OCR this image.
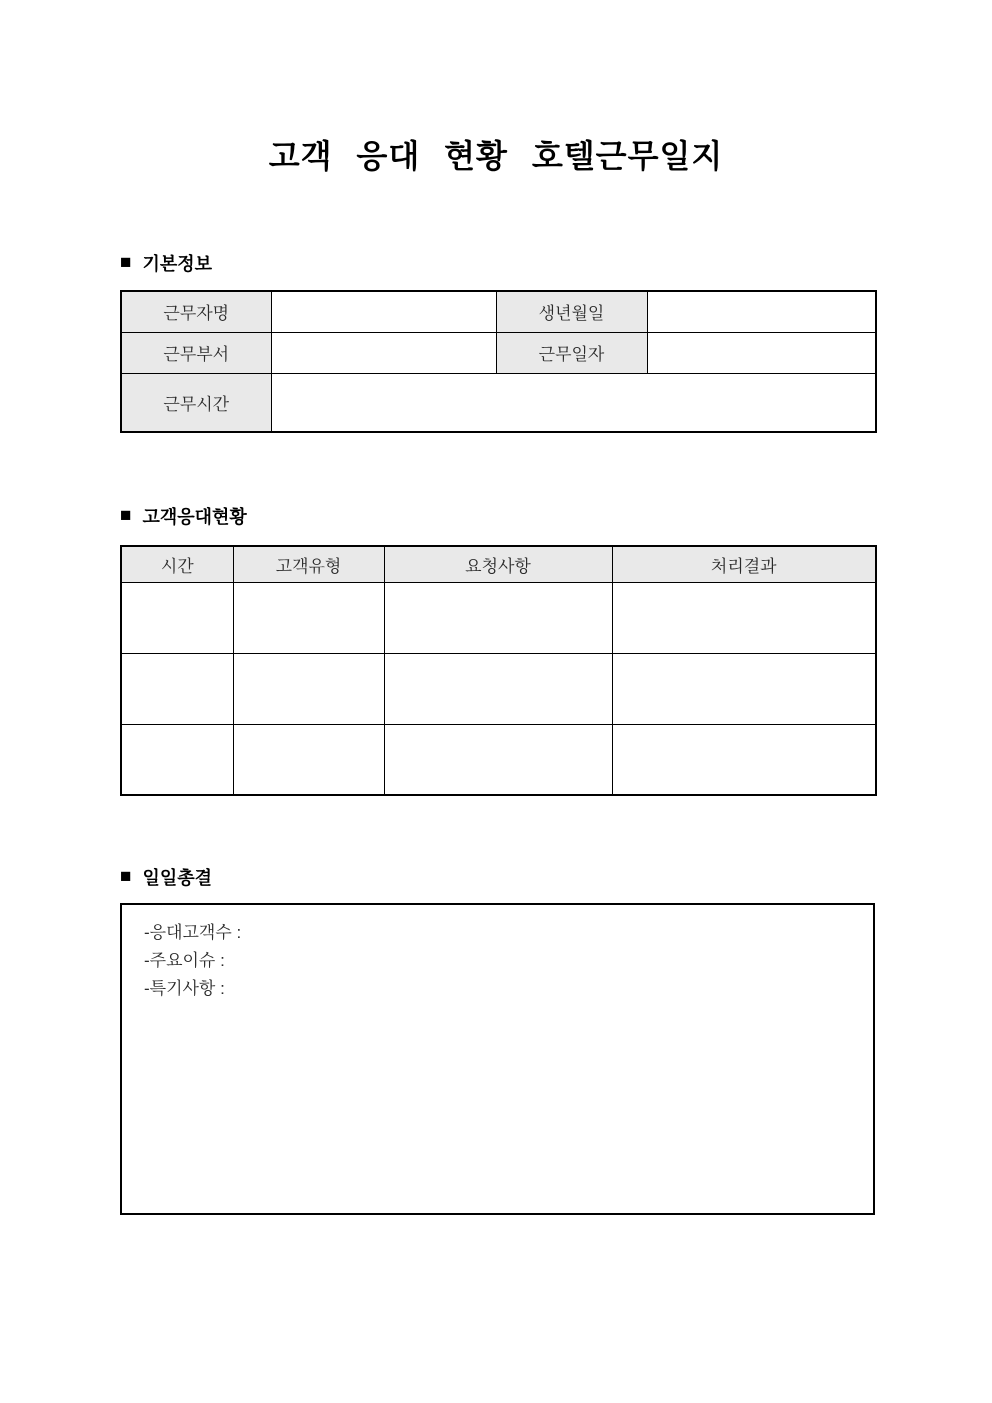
고객 응대 현황 호텔근무일지
■ 기본정보
근무자명		생년월일	
근무부서		근무일자	
근무시간			
■ 고객응대현황
시간	고객유형	요청사항	처리결과

■ 일일총결
-응대고객수 :
-주요이슈 :
-특기사항 :
